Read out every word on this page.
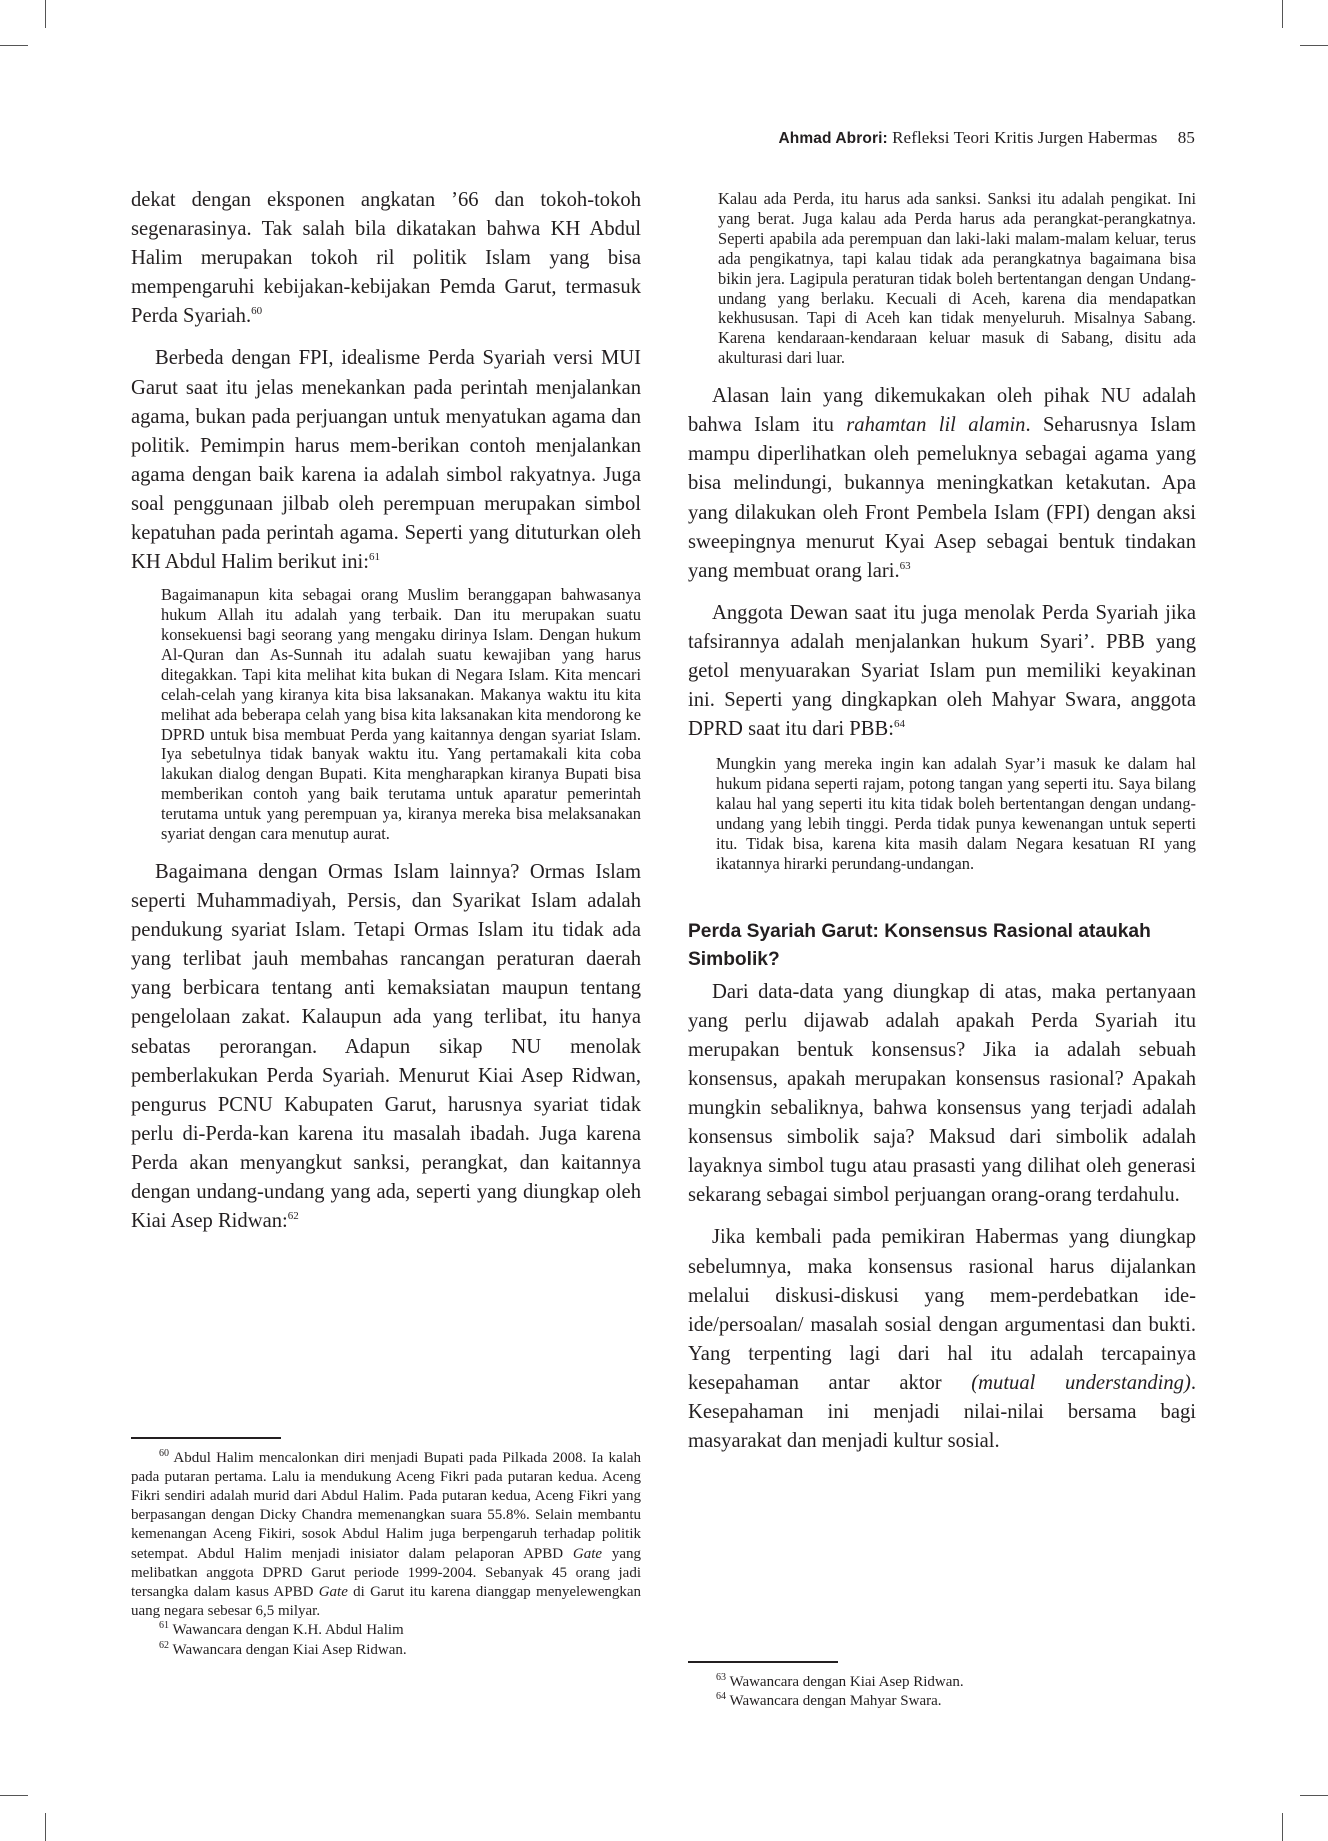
Ahmad Abrori: Refleksi Teori Kritis Jurgen Habermas 85

dekat dengan eksponen angkatan ’66 dan tokoh-tokoh segenarasinya. Tak salah bila dikatakan bahwa KH Abdul Halim merupakan tokoh ril politik Islam yang bisa mempengaruhi kebijakan-kebijakan Pemda Garut, termasuk Perda Syariah.$^{60}$

Berbeda dengan FPI, idealisme Perda Syariah versi MUI Garut saat itu jelas menekankan pada perintah menjalankan agama, bukan pada perjuangan untuk menyatukan agama dan politik. Pemimpin harus mem-berikan contoh menjalankan agama dengan baik karena ia adalah simbol rakyatnya. Juga soal penggunaan jilbab oleh perempuan merupakan simbol kepatuhan pada perintah agama. Seperti yang dituturkan oleh KH Abdul Halim berikut ini:$^{61}$

Bagaimanapun kita sebagai orang Muslim beranggapan bahwasanya hukum Allah itu adalah yang terbaik. Dan itu merupakan suatu konsekuensi bagi seorang yang mengaku dirinya Islam. Dengan hukum Al-Quran dan As-Sunnah itu adalah suatu kewajiban yang harus ditegakkan. Tapi kita melihat kita bukan di Negara Islam. Kita mencari celah-celah yang kiranya kita bisa laksanakan. Makanya waktu itu kita melihat ada beberapa celah yang bisa kita laksanakan kita mendorong ke DPRD untuk bisa membuat Perda yang kaitannya dengan syariat Islam. Iya sebetulnya tidak banyak waktu itu. Yang pertamakali kita coba lakukan dialog dengan Bupati. Kita mengharapkan kiranya Bupati bisa memberikan contoh yang baik terutama untuk aparatur pemerintah terutama untuk yang perempuan ya, kiranya mereka bisa melaksanakan syariat dengan cara menutup aurat.

Bagaimana dengan Ormas Islam lainnya? Ormas Islam seperti Muhammadiyah, Persis, dan Syarikat Islam adalah pendukung syariat Islam. Tetapi Ormas Islam itu tidak ada yang terlibat jauh membahas rancangan peraturan daerah yang berbicara tentang anti kemaksiatan maupun tentang pengelolaan zakat. Kalaupun ada yang terlibat, itu hanya sebatas perorangan. Adapun sikap NU menolak pemberlakukan Perda Syariah. Menurut Kiai Asep Ridwan, pengurus PCNU Kabupaten Garut, harusnya syariat tidak perlu di-Perda-kan karena itu masalah ibadah. Juga karena Perda akan menyangkut sanksi, perangkat, dan kaitannya dengan undang-undang yang ada, seperti yang diungkap oleh Kiai Asep Ridwan:$^{62}$

$^{60}$ Abdul Halim mencalonkan diri menjadi Bupati pada Pilkada 2008. Ia kalah pada putaran pertama. Lalu ia mendukung Aceng Fikri pada putaran kedua. Aceng Fikri sendiri adalah murid dari Abdul Halim. Pada putaran kedua, Aceng Fikri yang berpasangan dengan Dicky Chandra memenangkan suara 55.8%. Selain membantu kemenangan Aceng Fikiri, sosok Abdul Halim juga berpengaruh terhadap politik setempat. Abdul Halim menjadi inisiator dalam pelaporan APBD Gate yang melibatkan anggota DPRD Garut periode 1999-2004. Sebanyak 45 orang jadi tersangka dalam kasus APBD Gate di Garut itu karena dianggap menyelewengkan uang negara sebesar 6,5 milyar.

$^{61}$ Wawancara dengan K.H. Abdul Halim

$^{62}$ Wawancara dengan Kiai Asep Ridwan.

Kalau ada Perda, itu harus ada sanksi. Sanksi itu adalah pengikat. Ini yang berat. Juga kalau ada Perda harus ada perangkat-perangkatnya. Seperti apabila ada perempuan dan laki-laki malam-malam keluar, terus ada pengikatnya, tapi kalau tidak ada perangkatnya bagaimana bisa bikin jera. Lagipula peraturan tidak boleh bertentangan dengan Undang-undang yang berlaku. Kecuali di Aceh, karena dia mendapatkan kekhususan. Tapi di Aceh kan tidak menyeluruh. Misalnya Sabang. Karena kendaraan-kendaraan keluar masuk di Sabang, disitu ada akulturasi dari luar.

Alasan lain yang dikemukakan oleh pihak NU adalah bahwa Islam itu rahamtan lil alamin. Seharusnya Islam mampu diperlihatkan oleh pemeluknya sebagai agama yang bisa melindungi, bukannya meningkatkan ketakutan. Apa yang dilakukan oleh Front Pembela Islam (FPI) dengan aksi sweepingnya menurut Kyai Asep sebagai bentuk tindakan yang membuat orang lari.$^{63}$

Anggota Dewan saat itu juga menolak Perda Syariah jika tafsirannya adalah menjalankan hukum Syari’. PBB yang getol menyuarakan Syariat Islam pun memiliki keyakinan ini. Seperti yang dingkapkan oleh Mahyar Swara, anggota DPRD saat itu dari PBB:$^{64}$

Mungkin yang mereka ingin kan adalah Syar’i masuk ke dalam hal hukum pidana seperti rajam, potong tangan yang seperti itu. Saya bilang kalau hal yang seperti itu kita tidak boleh bertentangan dengan undang-undang yang lebih tinggi. Perda tidak punya kewenangan untuk seperti itu. Tidak bisa, karena kita masih dalam Negara kesatuan RI yang ikatannya hirarki perundang-undangan.
Perda Syariah Garut: Konsensus Rasional ataukah Simbolik?

Dari data-data yang diungkap di atas, maka pertanyaan yang perlu dijawab adalah apakah Perda Syariah itu merupakan bentuk konsensus? Jika ia adalah sebuah konsensus, apakah merupakan konsensus rasional? Apakah mungkin sebaliknya, bahwa konsensus yang terjadi adalah konsensus simbolik saja? Maksud dari simbolik adalah layaknya simbol tugu atau prasasti yang dilihat oleh generasi sekarang sebagai simbol perjuangan orang-orang terdahulu.

Jika kembali pada pemikiran Habermas yang diungkap sebelumnya, maka konsensus rasional harus dijalankan melalui diskusi-diskusi yang mem-perdebatkan ide-ide/persoalan/ masalah sosial dengan argumentasi dan bukti. Yang terpenting lagi dari hal itu adalah tercapainya kesepahaman antar aktor (mutual understanding). Kesepahaman ini menjadi nilai-nilai bersama bagi masyarakat dan menjadi kultur sosial.

$^{63}$ Wawancara dengan Kiai Asep Ridwan.

$^{64}$ Wawancara dengan Mahyar Swara.
